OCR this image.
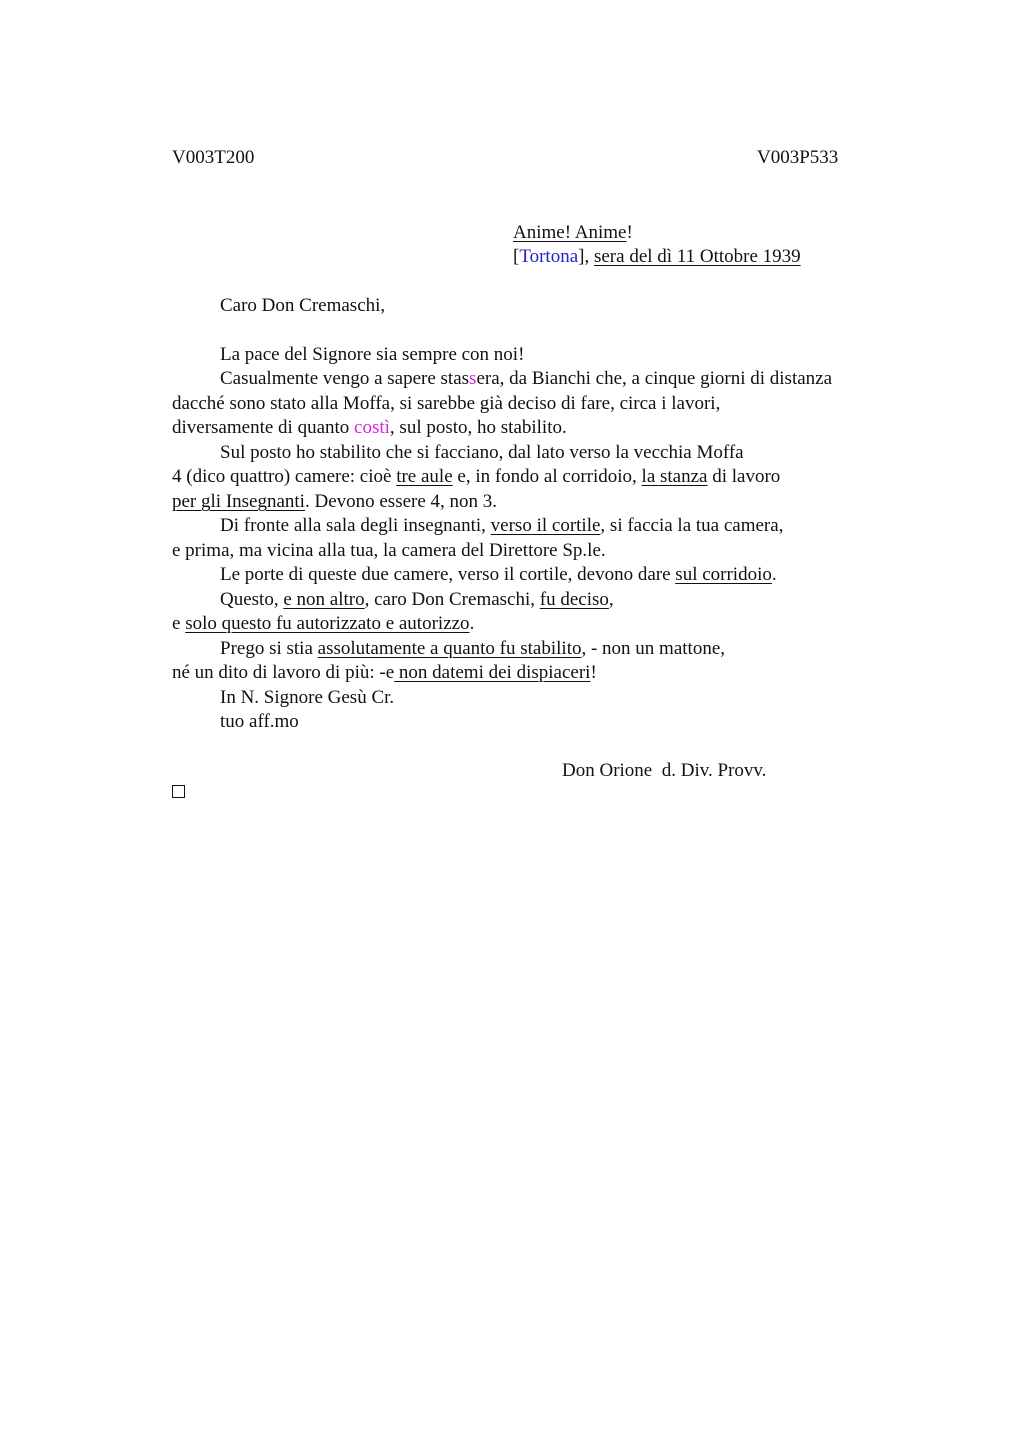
V003T200	V003P533
Anime! Anime!
[Tortona], sera del dì 11 Ottobre 1939
Caro Don Cremaschi,
La pace del Signore sia sempre con noi!
Casualmente vengo a sapere stassera, da Bianchi che, a cinque giorni di distanza
dacché sono stato alla Moffa, si sarebbe già deciso di fare, circa i lavori,
diversamente di quanto costì, sul posto, ho stabilito.
Sul posto ho stabilito che si facciano, dal lato verso la vecchia Moffa
4 (dico quattro) camere: cioè tre aule e, in fondo al corridoio, la stanza di lavoro
per gli Insegnanti. Devono essere 4, non 3.
Di fronte alla sala degli insegnanti, verso il cortile, si faccia la tua camera,
e prima, ma vicina alla tua, la camera del Direttore Sp.le.
Le porte di queste due camere, verso il cortile, devono dare sul corridoio.
Questo, e non altro, caro Don Cremaschi, fu deciso,
e solo questo fu autorizzato e autorizzo.
Prego si stia assolutamente a quanto fu stabilito, - non un mattone,
né un dito di lavoro di più: -e non datemi dei dispiaceri!
In N. Signore Gesù Cr.
tuo aff.mo
Don Orione  d. Div. Provv.
